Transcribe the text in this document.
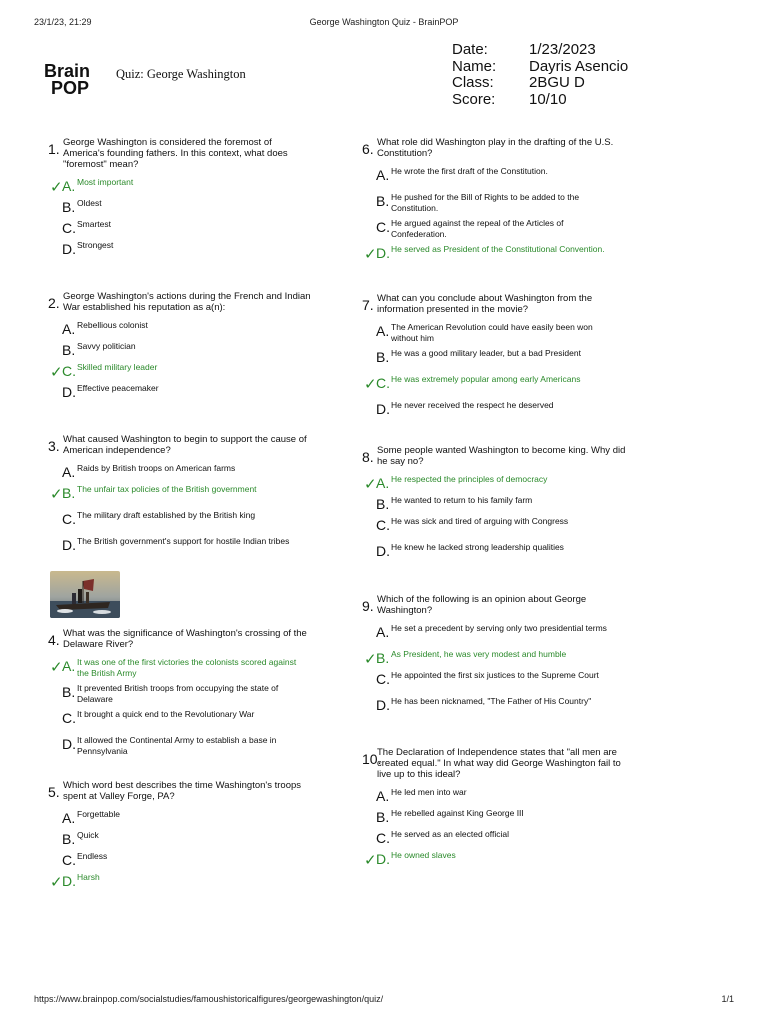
23/1/23, 21:29	George Washington Quiz - BrainPOP
Brain
POP
Quiz: George Washington
Date:	1/23/2023
Name:	Dayris Asencio
Class:	2BGU D
Score:	10/10
1. George Washington is considered the foremost of America's founding fathers. In this context, what does "foremost" mean?
✓ A. Most important
B. Oldest
C. Smartest
D. Strongest
2. George Washington's actions during the French and Indian War established his reputation as a(n):
A. Rebellious colonist
B. Savvy politician
✓ C. Skilled military leader
D. Effective peacemaker
3. What caused Washington to begin to support the cause of American independence?
A. Raids by British troops on American farms
✓ B. The unfair tax policies of the British government
C. The military draft established by the British king
D. The British government's support for hostile Indian tribes
4. What was the significance of Washington's crossing of the Delaware River?
✓ A. It was one of the first victories the colonists scored against the British Army
B. It prevented British troops from occupying the state of Delaware
C. It brought a quick end to the Revolutionary War
D. It allowed the Continental Army to establish a base in Pennsylvania
5. Which word best describes the time Washington's troops spent at Valley Forge, PA?
A. Forgettable
B. Quick
C. Endless
✓ D. Harsh
6. What role did Washington play in the drafting of the U.S. Constitution?
A. He wrote the first draft of the Constitution.
B. He pushed for the Bill of Rights to be added to the Constitution.
C. He argued against the repeal of the Articles of Confederation.
✓ D. He served as President of the Constitutional Convention.
7. What can you conclude about Washington from the information presented in the movie?
A. The American Revolution could have easily been won without him
B. He was a good military leader, but a bad President
✓ C. He was extremely popular among early Americans
D. He never received the respect he deserved
8. Some people wanted Washington to become king. Why did he say no?
✓ A. He respected the principles of democracy
B. He wanted to return to his family farm
C. He was sick and tired of arguing with Congress
D. He knew he lacked strong leadership qualities
9. Which of the following is an opinion about George Washington?
A. He set a precedent by serving only two presidential terms
✓ B. As President, he was very modest and humble
C. He appointed the first six justices to the Supreme Court
D. He has been nicknamed, "The Father of His Country"
10.
The Declaration of Independence states that "all men are created equal." In what way did George Washington fail to live up to this ideal?
A. He led men into war
B. He rebelled against King George III
C. He served as an elected official
✓ D. He owned slaves
https://www.brainpop.com/socialstudies/famoushistoricalfigures/georgewashington/quiz/	1/1
